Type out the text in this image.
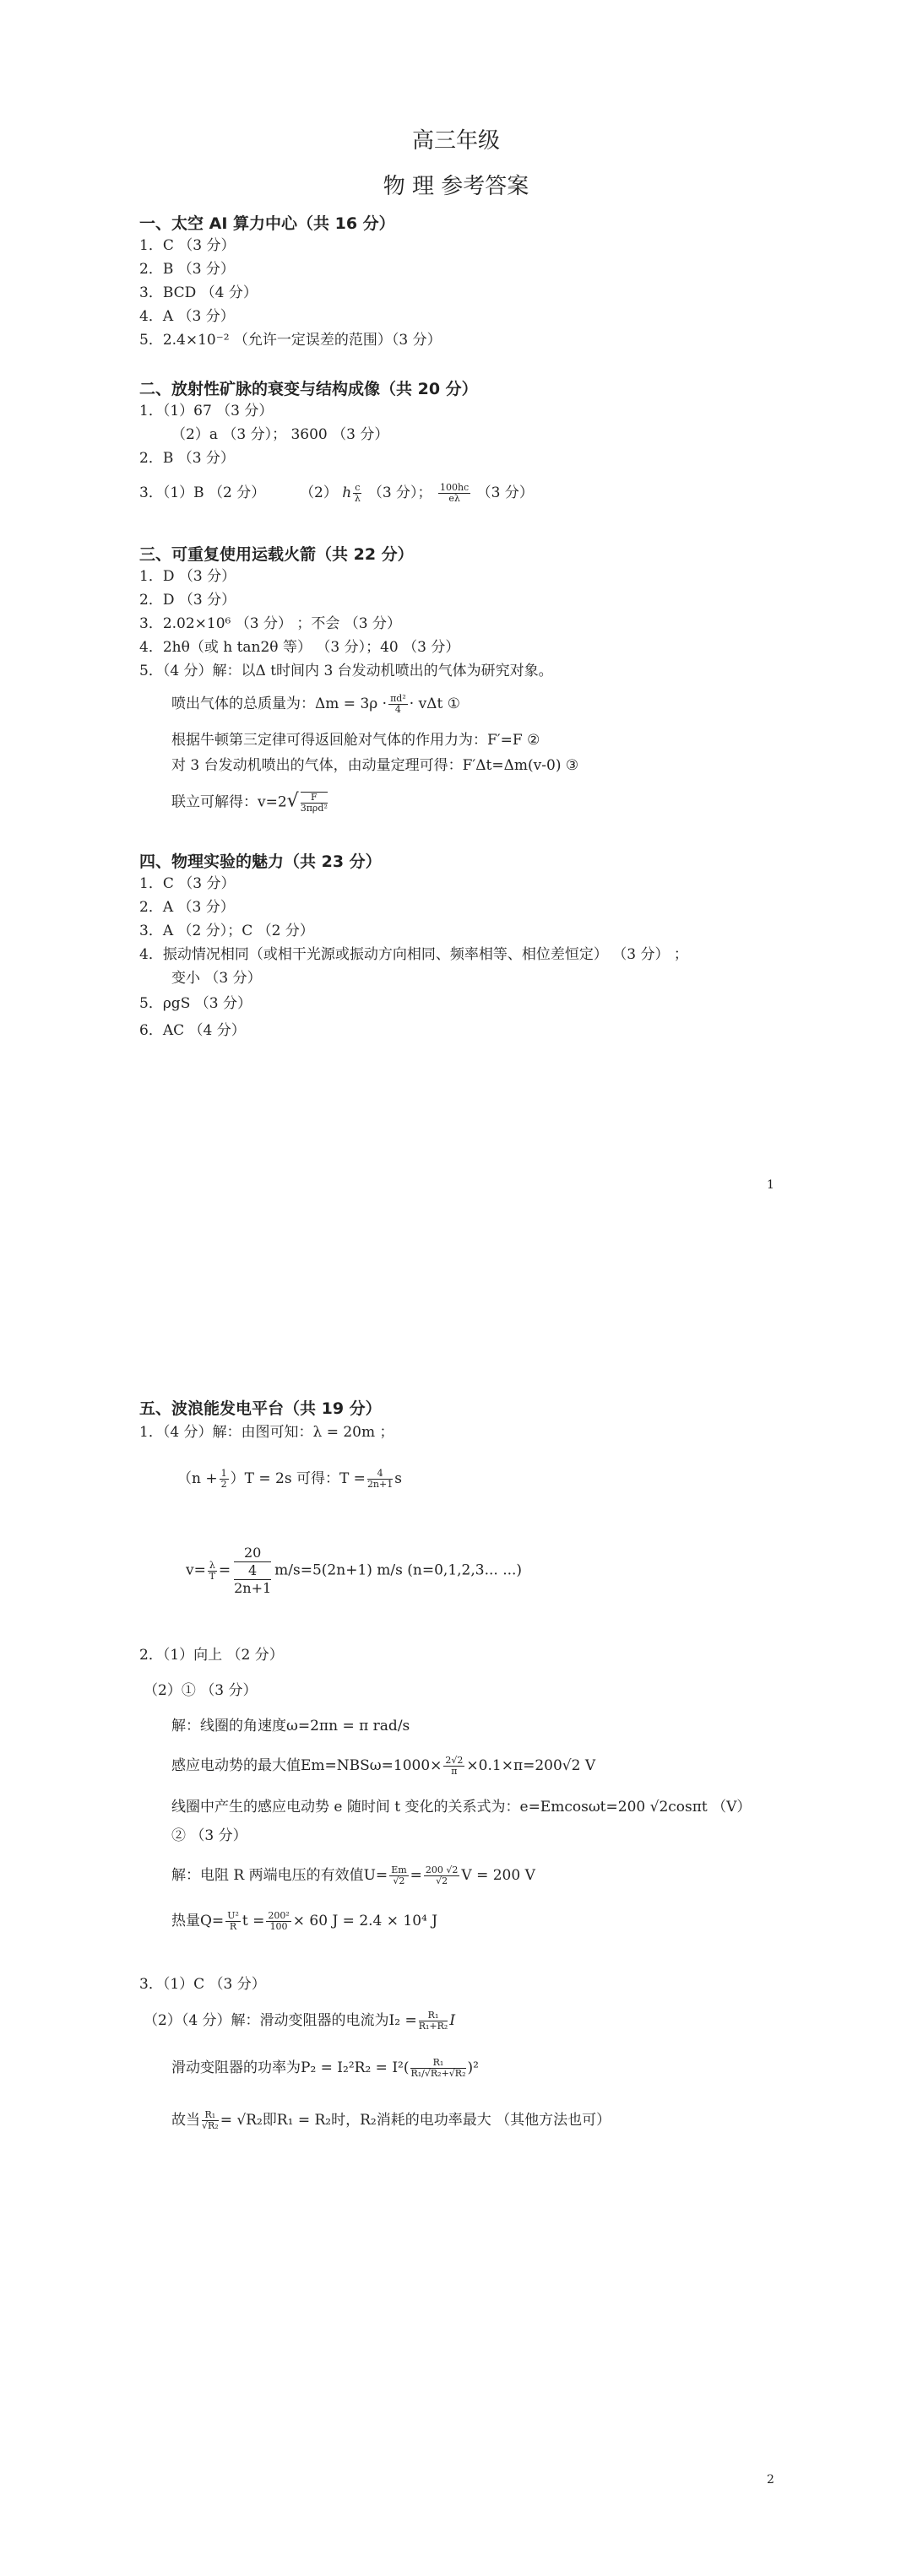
高三年级
物 理 参考答案
一、太空 AI 算力中心（共 16 分）
1．C （3 分）
2．B （3 分）
3．BCD （4 分）
4．A （3 分）
5．2.4×10⁻² （允许一定误差的范围）（3 分）
二、放射性矿脉的衰变与结构成像（共 20 分）
1．（1）67 （3 分）
（2）a （3 分）； 3600 （3 分）
2．B （3 分）
3．（1）B （2 分） （2） h $\frac{c}{\lambda} (3$ 分）； $\frac{100hc}{e\lambda} (3$ 分）
三、可重复使用运载火箭（共 22 分）
1．D （3 分）
2．D （3 分）
3．2.02×10⁶ （3 分） ；不会 （3 分）
4．2hθ（或 h tan2θ 等） （3 分）；40 （3 分）
5．（4 分）解：以Δ t时间内 3 台发动机喷出的气体为研究对象。
喷出气体的总质量为：$\Delta m = 3\rho \cdot \frac{\text{πd²}}{4} \cdot v\Delta t$ ①
根据牛顿第三定律可得返回舱对气体的作用力为：F′=F ②
对 3 台发动机喷出的气体，由动量定理可得：F′Δt=Δm(v-0) ③
联立可解得：$v=2√ \frac{F}{\text{3πρd²}}$
四、物理实验的魅力（共 23 分）
1．C （3 分）
2．A （3 分）
3．A （2 分）；C （2 分）
4．振动情况相同（或相干光源或振动方向相同、频率相等、相位差恒定） （3 分） ；
变小 （3 分）
5．ρgS （3 分）
6．AC （4 分）
1
五、波浪能发电平台（共 19 分）
1．（4 分）解：由图可知：λ = 20m ；
$(n + \frac{1}{2} )T = 2s$ 可得：$T = \frac{4}{2n+1}$ s
$v= \frac{\lambda}{T} = 20$
4
2n+1 m/s=5(2n+1) m/s (n=0,1,2,3... ...)
2．（1）向上 （2 分）
（2）① （3 分）
解：线圈的角速度ω=2πn = π rad/s
感应电动势的最大值$Em=NBS\omega=1000\times \frac{2√2}{\pi} \times 0.1\times\pi=200√2$ V
线圈中产生的感应电动势 e 随时间 t 变化的关系式为：e=Emcosωt=200 √2cosπt （V）
② （3 分）
解：电阻 R 两端电压的有效值$U= \frac{Em}{√2} = \frac{200 √2}{√2}$ V = 200 V
热量$Q= \frac{\text{U²}}{R}$ $t = \frac{\text{200²}}{100} \times 60$ J = 2.4 × 10⁴ J
3．（1）C （3 分）
（2）（4 分）解：滑动变阻器的电流为$I_2 = \frac{\text{R₁}}{\text{R₁+R₂}}$ I
滑动变阻器的功率为$P_2 = I_2^2R_2 = I^2( \frac{\text{R₁}}{\text{R₁/√R₂+√R₂}} )^2$
故当 $\frac{\text{R₁}}{\text{√R₂}} = √R_2$即R₁ = R₂时，R₂消耗的电功率最大 （其他方法也可）
2
